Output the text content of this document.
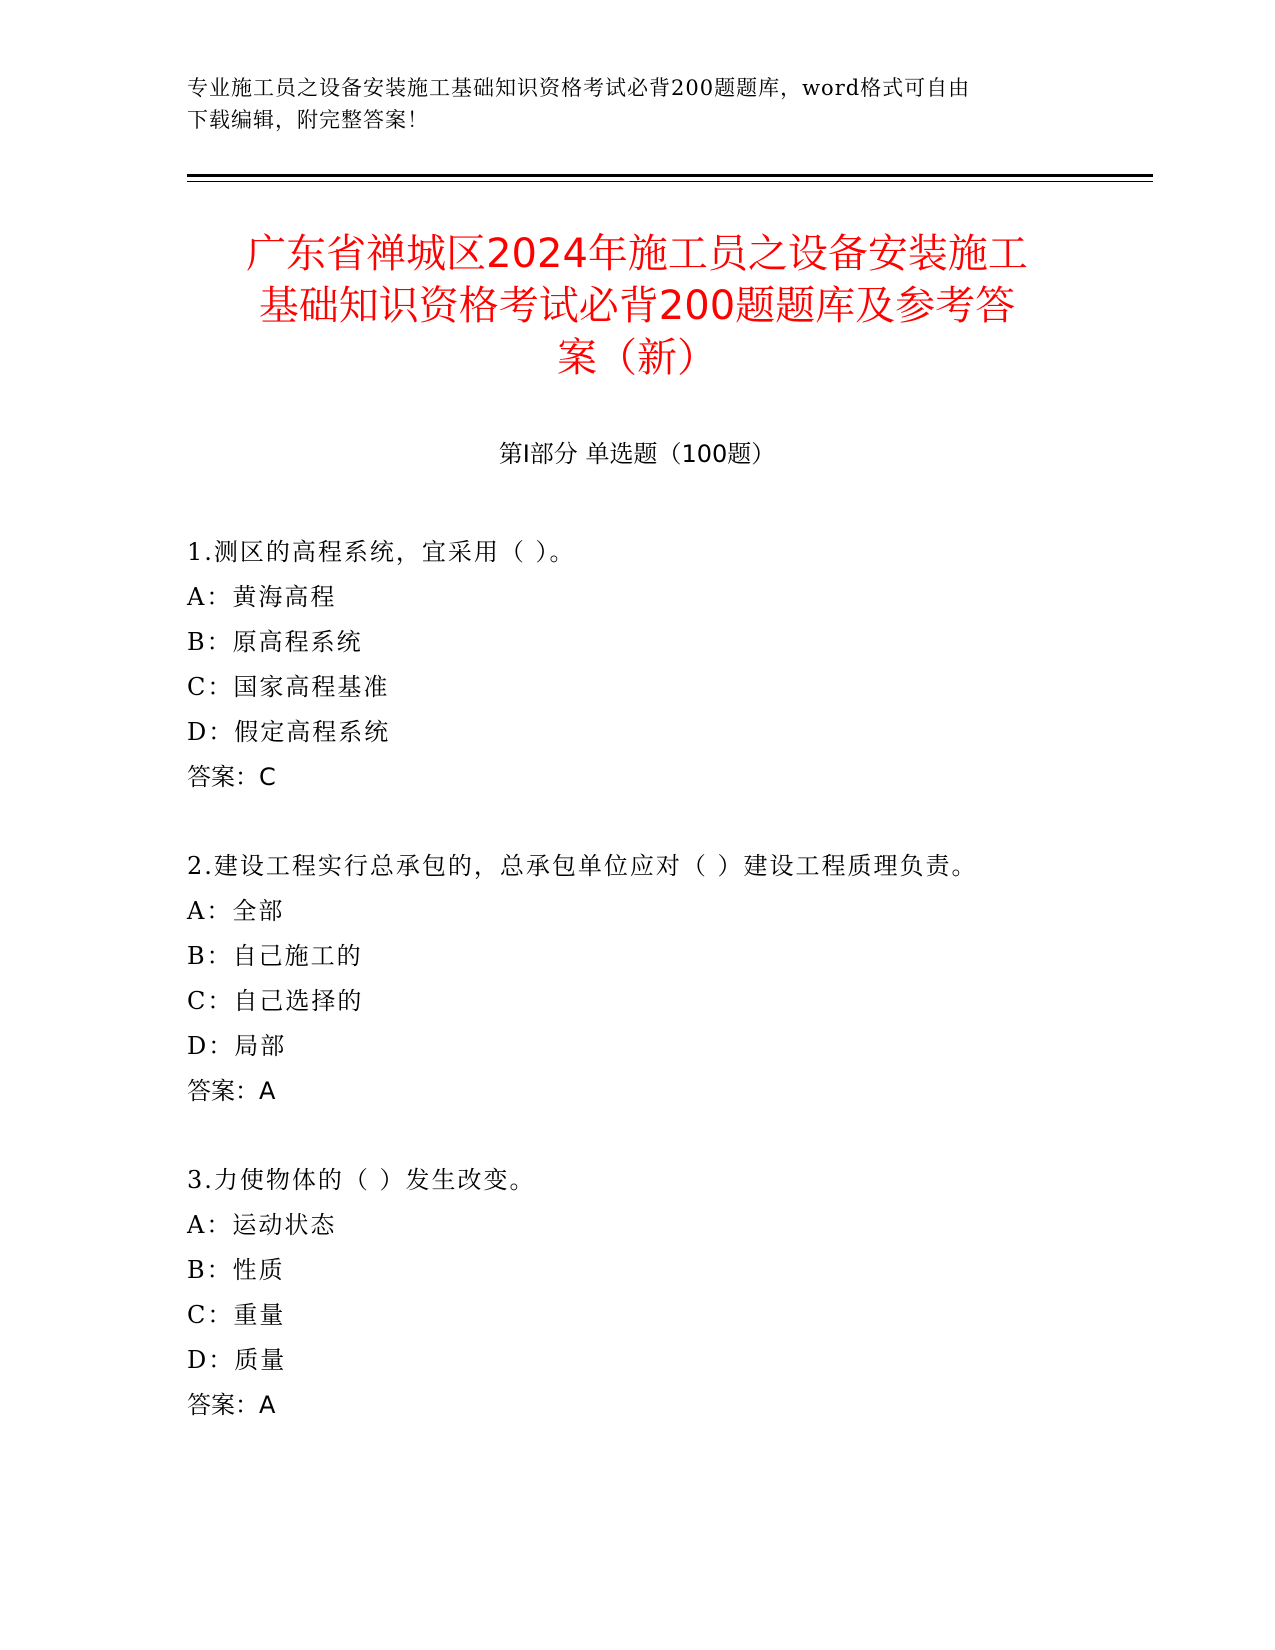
专业施工员之设备安装施工基础知识资格考试必背200题题库，word格式可自由
下载编辑，附完整答案！
广东省禅城区2024年施工员之设备安装施工
基础知识资格考试必背200题题库及参考答
案（新）
第Ⅰ部分 单选题（100题）
1.测区的高程系统，宜采用（ ）。
A：黄海高程
B：原高程系统
C：国家高程基准
D：假定高程系统
答案：C
2.建设工程实行总承包的，总承包单位应对（ ）建设工程质理负责。
A：全部
B：自己施工的
C：自己选择的
D：局部
答案：A
3.力使物体的（ ）发生改变。
A：运动状态
B：性质
C：重量
D：质量
答案：A
